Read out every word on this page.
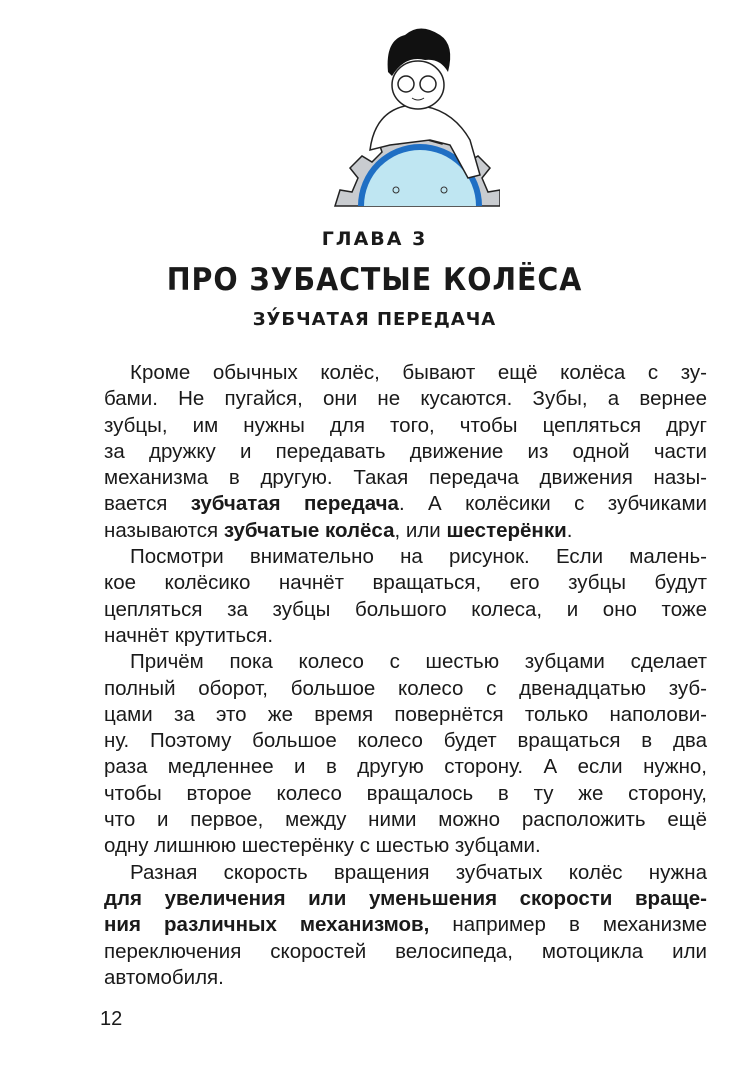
ГЛАВА 3
ПРО ЗУБАСТЫЕ КОЛЁСА
ЗУ́БЧАТАЯ ПЕРЕДАЧА
Кроме обычных колёс, бывают ещё колёса с зу-
бами. Не пугайся, они не кусаются. Зубы, а вернее
зубцы, им нужны для того, чтобы цепляться друг
за дружку и передавать движение из одной части
механизма в другую. Такая передача движения назы-
вается зубчатая передача. А колёсики с зубчиками
называются зубчатые колёса, или шестерёнки.
Посмотри внимательно на рисунок. Если малень-
кое колёсико начнёт вращаться, его зубцы будут
цепляться за зубцы большого колеса, и оно тоже
начнёт крутиться.
Причём пока колесо с шестью зубцами сделает
полный оборот, большое колесо с двенадцатью зуб-
цами за это же время повернётся только наполови-
ну. Поэтому большое колесо будет вращаться в два
раза медленнее и в другую сторону. А если нужно,
чтобы второе колесо вращалось в ту же сторону,
что и первое, между ними можно расположить ещё
одну лишнюю шестерёнку с шестью зубцами.
Разная скорость вращения зубчатых колёс нужна
для увеличения или уменьшения скорости враще-
ния различных механизмов, например в механизме
переключения скоростей велосипеда, мотоцикла или
автомобиля.
12
